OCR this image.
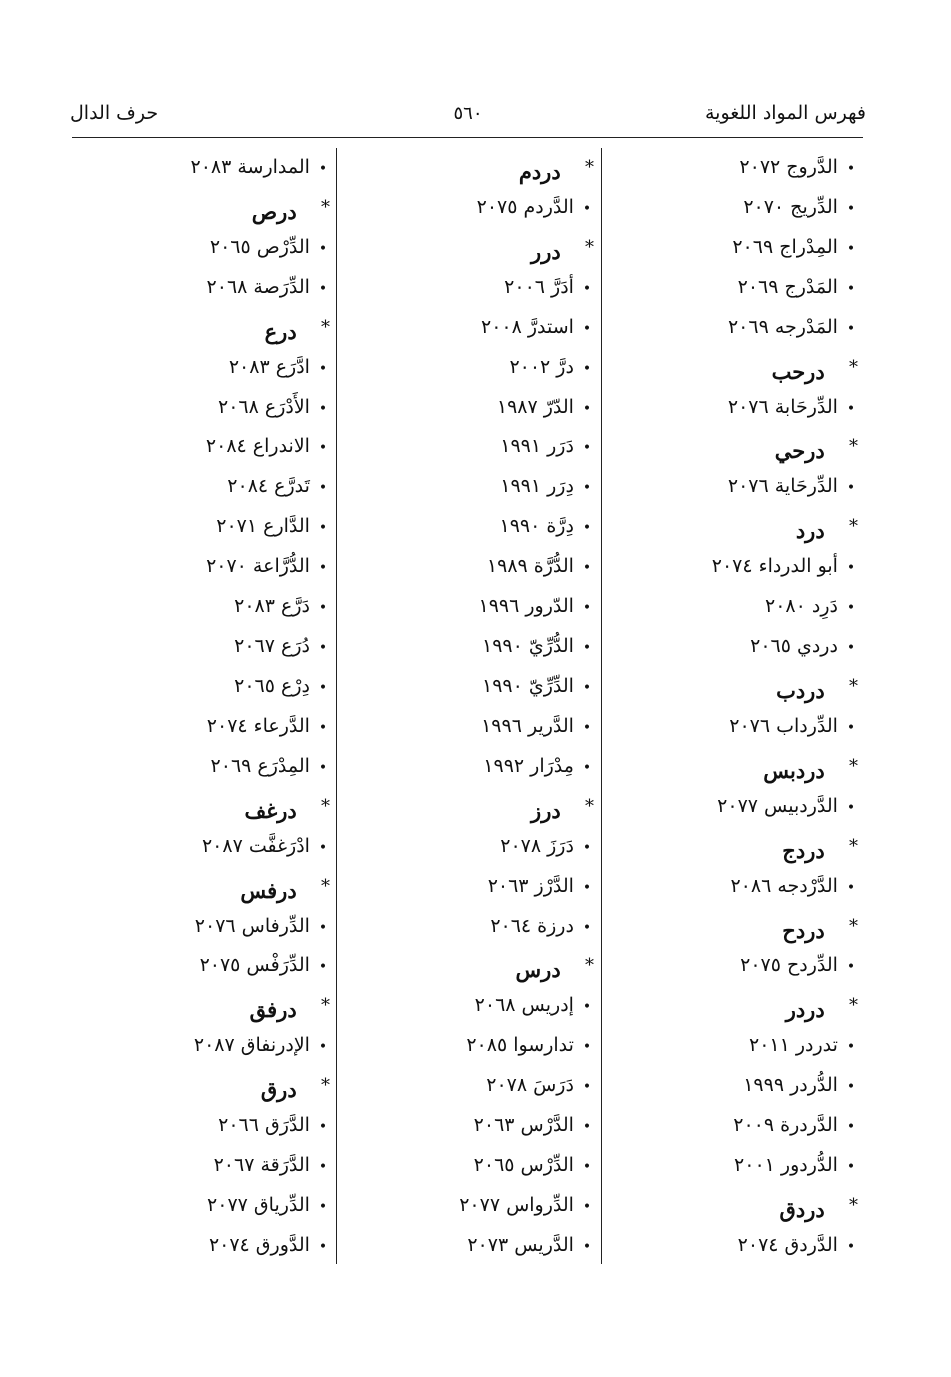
فهرس المواد اللغوية
٥٦٠
حرف الدال
• الدَّروج ٢٠٧٢
• الدِّريج ٢٠٧٠
• المِدْراج ٢٠٦٩
• المَدْرج ٢٠٦٩
• المَدْرجه ٢٠٦٩
* درحب
• الدِّرحَابة ٢٠٧٦
* درحي
• الدِّرحَاية ٢٠٧٦
* درد
• أبو الدرداء ٢٠٧٤
• دَرِد ٢٠٨٠
• دردي ٢٠٦٥
* دردب
• الدِّرداب ٢٠٧٦
* دردبس
• الدَّردبيس ٢٠٧٧
* دردج
• الدَّرْدجه ٢٠٨٦
* دردح
• الدِّردح ٢٠٧٥
* دردر
• تدردر ٢٠١١
• الدُّردر ١٩٩٩
• الدَّردرة ٢٠٠٩
• الدُّردور ٢٠٠١
* دردق
• الدَّردق ٢٠٧٤
* دردم
• الدَّردم ٢٠٧٥
* درر
• أدَرَّ ٢٠٠٦
• استدرَّ ٢٠٠٨
• درَّ ٢٠٠٢
• الدّرّ ١٩٨٧
• دَرَر ١٩٩١
• دِرَر ١٩٩١
• دِرَّة ١٩٩٠
• الدُّرَّة ١٩٨٩
• الدّرور ١٩٩٦
• الدُّرِّيّ ١٩٩٠
• الدِّرِّيّ ١٩٩٠
• الدَّرير ١٩٩٦
• مِدْرَار ١٩٩٢
* درز
• دَرَزَ ٢٠٧٨
• الدَّرْز ٢٠٦٣
• درزة ٢٠٦٤
* درس
• إدريس ٢٠٦٨
• تدارسوا ٢٠٨٥
• دَرَسَ ٢٠٧٨
• الدَّرْس ٢٠٦٣
• الدِّرْس ٢٠٦٥
• الدِّرواس ٢٠٧٧
• الدَّريس ٢٠٧٣
• المدارسة ٢٠٨٣
* درص
• الدِّرْص ٢٠٦٥
• الدِّرَصة ٢٠٦٨
* درع
• ادَّرَع ٢٠٨٣
• الأَدْرَع ٢٠٦٨
• الاندراع ٢٠٨٤
• تَدرَّع ٢٠٨٤
• الدَّارع ٢٠٧١
• الدُّرَّاعة ٢٠٧٠
• دَرَّع ٢٠٨٣
• دُرَع ٢٠٦٧
• دِرْع ٢٠٦٥
• الدَّرعاء ٢٠٧٤
• المِدْرَع ٢٠٦٩
* درغف
• ادْرَغفَّت ٢٠٨٧
* درفس
• الدِّرفاس ٢٠٧٦
• الدِّرَفْس ٢٠٧٥
* درفق
• الإدرنفاق ٢٠٨٧
* درق
• الدَّرَق ٢٠٦٦
• الدَّرَقة ٢٠٦٧
• الدِّرياق ٢٠٧٧
• الدَّورق ٢٠٧٤
